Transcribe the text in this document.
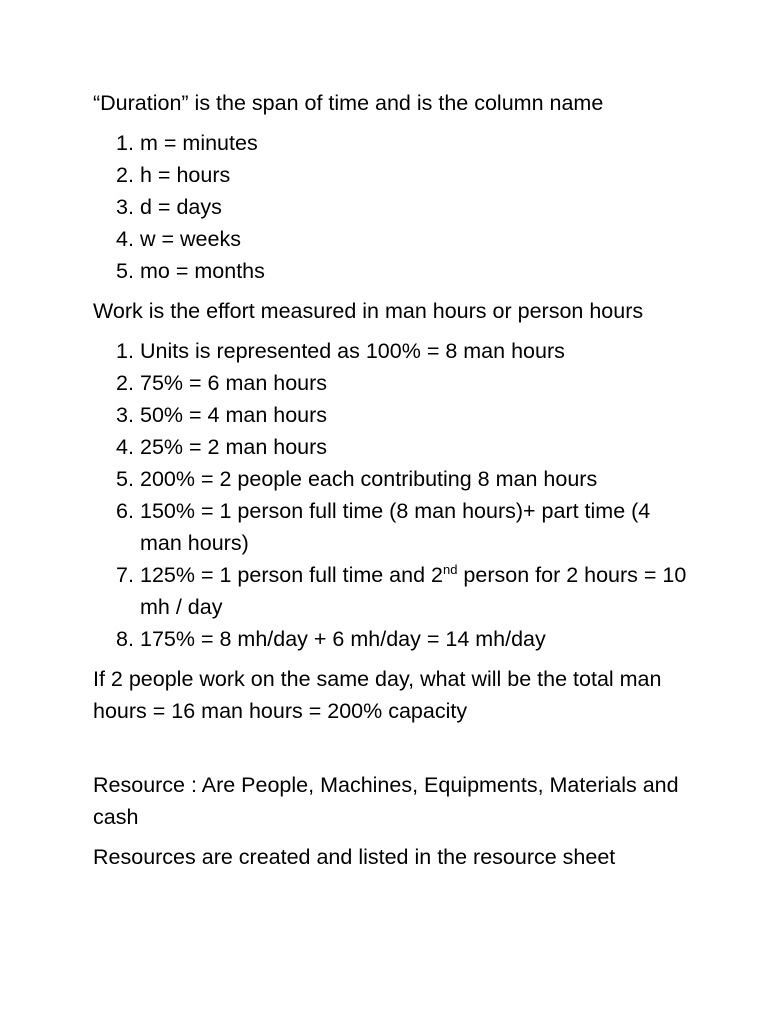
“Duration” is the span of time and is the column name

1. m = minutes
2. h = hours
3. d = days
4. w = weeks
5. mo = months

Work is the effort measured in man hours or person hours

1. Units is represented as 100% = 8 man hours
2. 75% = 6 man hours
3. 50% = 4 man hours
4. 25% = 2 man hours
5. 200% = 2 people each contributing 8 man hours
6. 150% = 1 person full time (8 man hours)+ part time (4 man hours)
7. 125% = 1 person full time and 2nd person for 2 hours = 10 mh / day
8. 175% = 8 mh/day + 6 mh/day = 14 mh/day

If 2 people work on the same day, what will be the total man hours = 16 man hours = 200% capacity

Resource : Are People, Machines, Equipments, Materials and cash

Resources are created and listed in the resource sheet
